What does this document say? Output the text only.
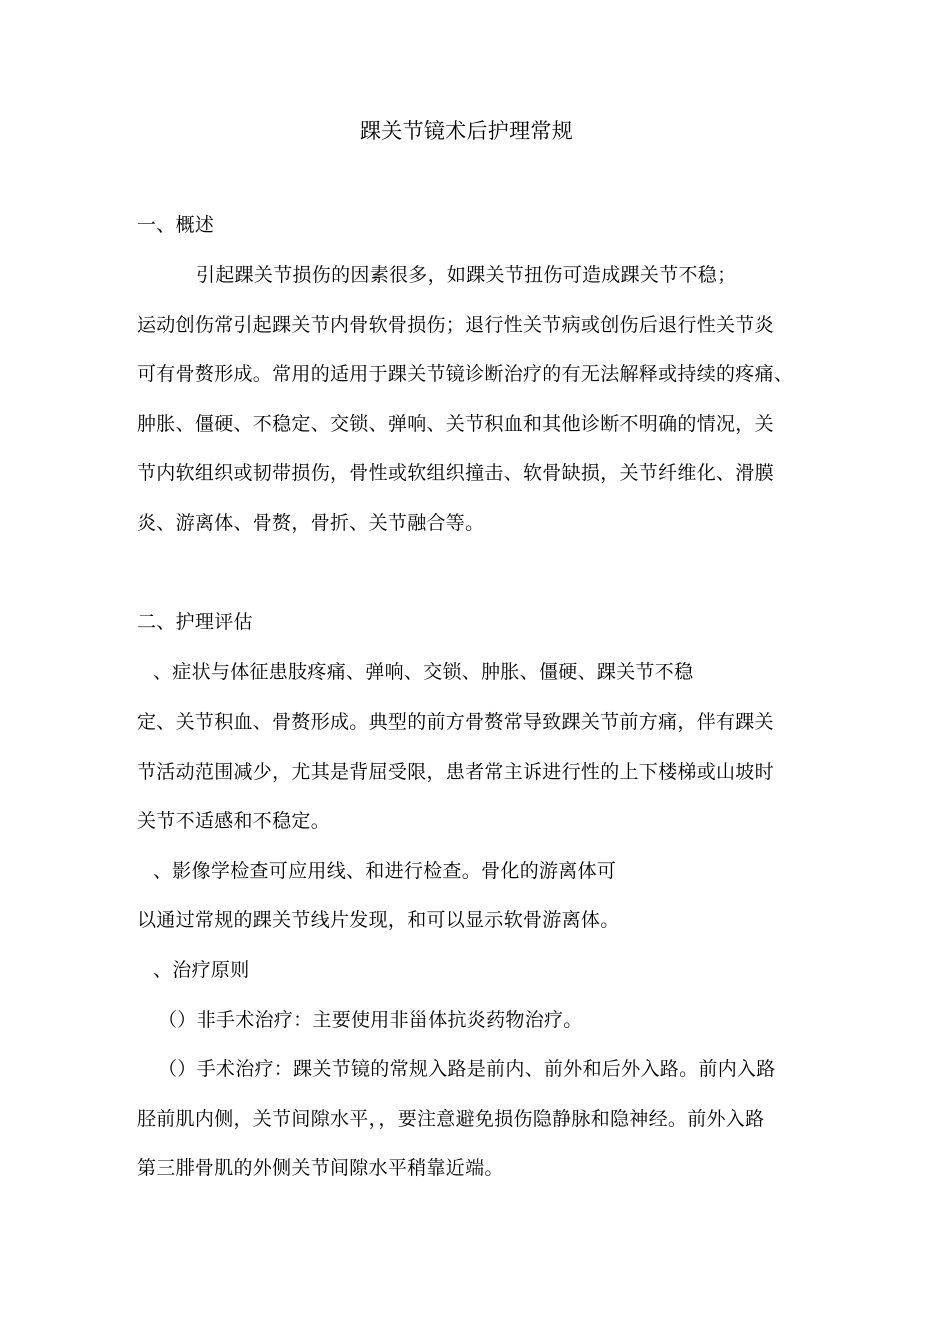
踝关节镜术后护理常规
一、概述
引起踝关节损伤的因素很多，如踝关节扭伤可造成踝关节不稳；
运动创伤常引起踝关节内骨软骨损伤；退行性关节病或创伤后退行性关节炎
可有骨赘形成。常用的适用于踝关节镜诊断治疗的有无法解释或持续的疼痛、
肿胀、僵硬、不稳定、交锁、弹响、关节积血和其他诊断不明确的情况，关
节内软组织或韧带损伤，骨性或软组织撞击、软骨缺损，关节纤维化、滑膜
炎、游离体、骨赘，骨折、关节融合等。
二、护理评估
、症状与体征患肢疼痛、弹响、交锁、肿胀、僵硬、踝关节不稳
定、关节积血、骨赘形成。典型的前方骨赘常导致踝关节前方痛，伴有踝关
节活动范围减少，尤其是背屈受限，患者常主诉进行性的上下楼梯或山坡时
关节不适感和不稳定。
、影像学检查可应用线、和进行检查。骨化的游离体可
以通过常规的踝关节线片发现，和可以显示软骨游离体。
、治疗原则
（）非手术治疗：主要使用非甾体抗炎药物治疗。
（）手术治疗：踝关节镜的常规入路是前内、前外和后外入路。前内入路
胫前肌内侧，关节间隙水平，，要注意避免损伤隐静脉和隐神经。前外入路
第三腓骨肌的外侧关节间隙水平稍靠近端。
